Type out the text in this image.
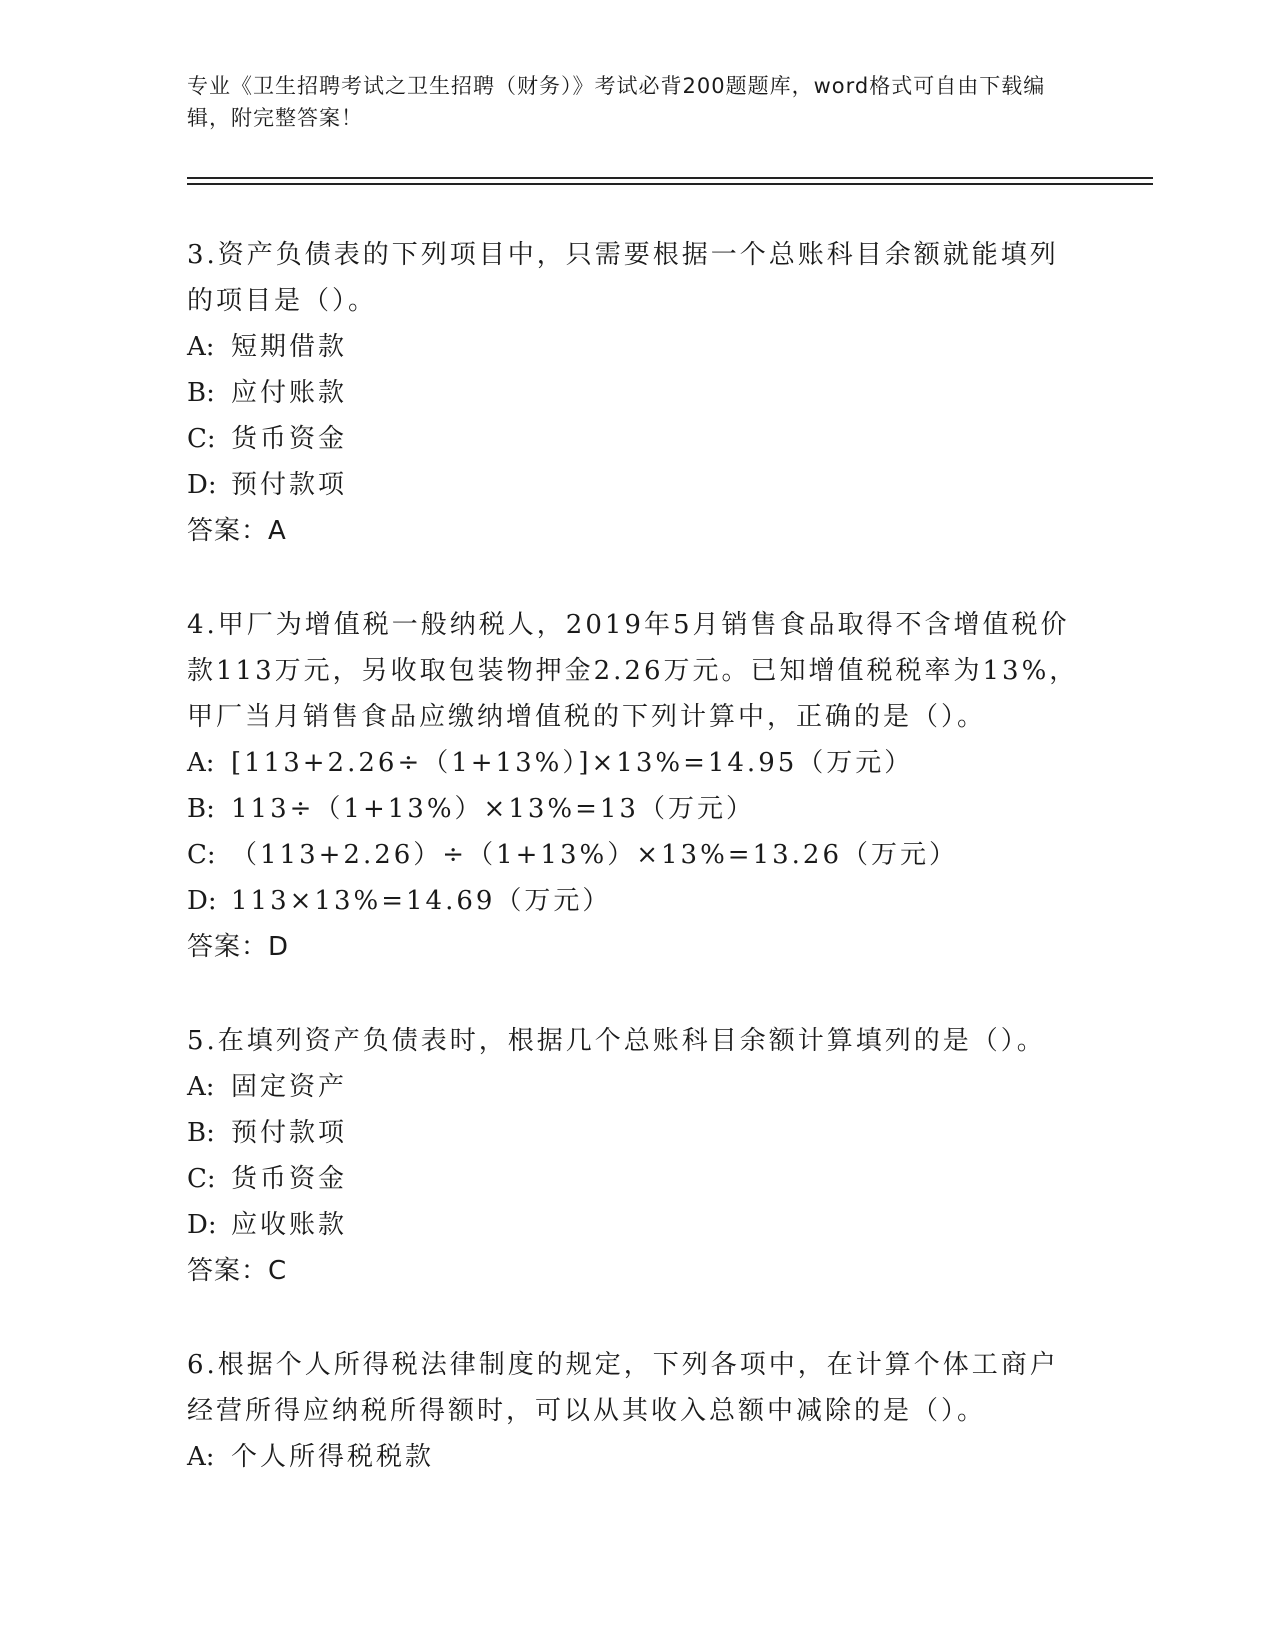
专业《卫生招聘考试之卫生招聘（财务）》考试必背200题题库，word格式可自由下载编辑，附完整答案！
3.资产负债表的下列项目中，只需要根据一个总账科目余额就能填列的项目是（）。
A: 短期借款
B: 应付账款
C: 货币资金
D: 预付款项
答案：A
4.甲厂为增值税一般纳税人，2019年5月销售食品取得不含增值税价款113万元，另收取包装物押金2.26万元。已知增值税税率为13%，甲厂当月销售食品应缴纳增值税的下列计算中，正确的是（）。
A: [113+2.26÷（1+13%）]×13%=14.95（万元）
B: 113÷（1+13%）×13%=13（万元）
C: （113+2.26）÷（1+13%）×13%=13.26（万元）
D: 113×13%=14.69（万元）
答案：D
5.在填列资产负债表时，根据几个总账科目余额计算填列的是（）。
A: 固定资产
B: 预付款项
C: 货币资金
D: 应收账款
答案：C
6.根据个人所得税法律制度的规定，下列各项中，在计算个体工商户经营所得应纳税所得额时，可以从其收入总额中减除的是（）。
A: 个人所得税税款
